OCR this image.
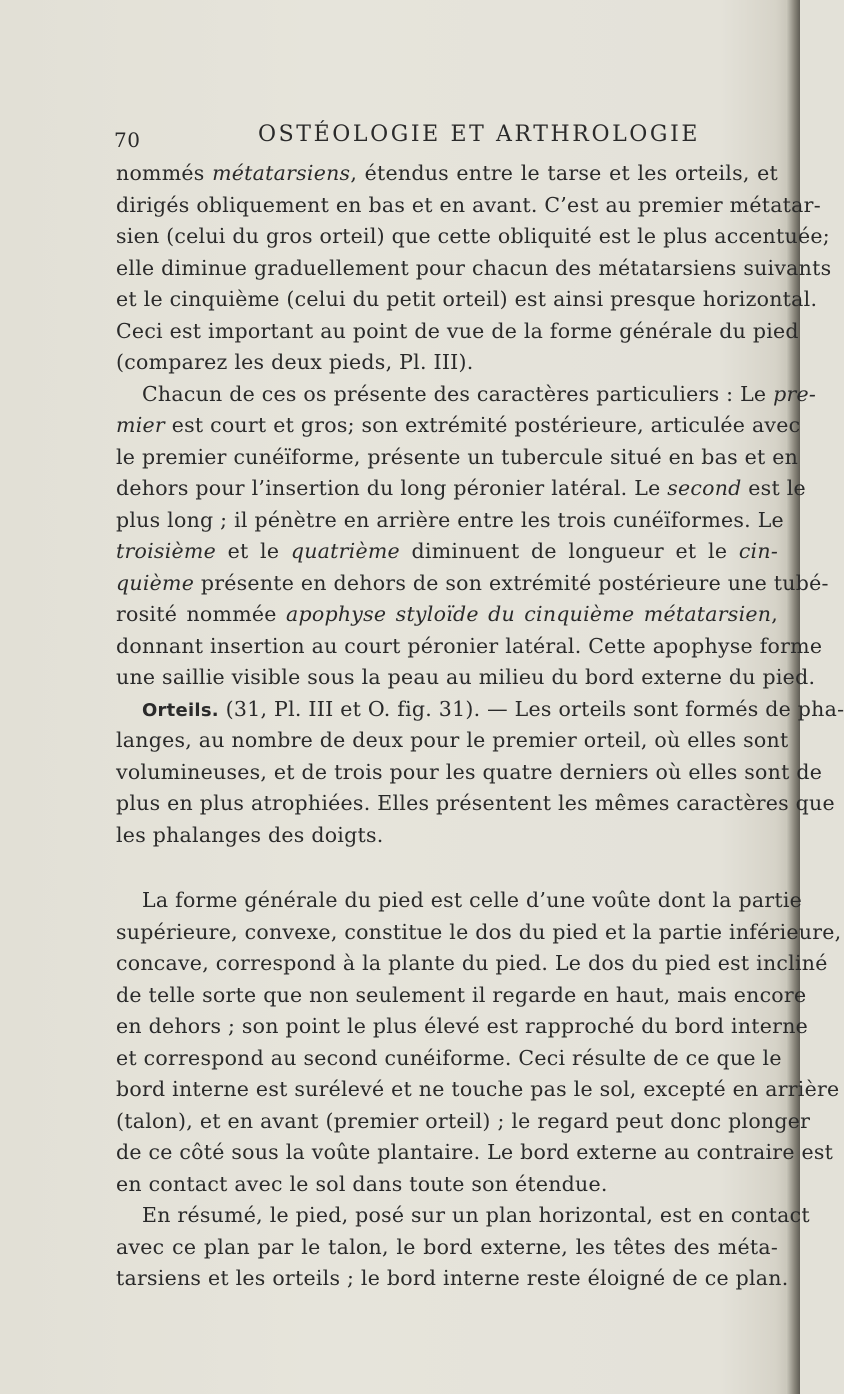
70	OSTÉOLOGIE ET ARTHROLOGIE
nommés métatarsiens, étendus entre le tarse et les orteils, et
dirigés obliquement en bas et en avant. C’est au premier métatar-
sien (celui du gros orteil) que cette obliquité est le plus accentuée;
elle diminue graduellement pour chacun des métatarsiens suivants
et le cinquième (celui du petit orteil) est ainsi presque horizontal.
Ceci est important au point de vue de la forme générale du pied
(comparez les deux pieds, Pl. III).
Chacun de ces os présente des caractères particuliers : Le pre-
mier est court et gros; son extrémité postérieure, articulée avec
le premier cunéïforme, présente un tubercule situé en bas et en
dehors pour l’insertion du long péronier latéral. Le second est le
plus long ; il pénètre en arrière entre les trois cunéïformes. Le
troisième et le quatrième diminuent de longueur et le cin-
quième présente en dehors de son extrémité postérieure une tubé-
rosité nommée apophyse styloïde du cinquième métatarsien,
donnant insertion au court péronier latéral. Cette apophyse forme
une saillie visible sous la peau au milieu du bord externe du pied.
Orteils. (31, Pl. III et O. fig. 31). — Les orteils sont formés de pha-
langes, au nombre de deux pour le premier orteil, où elles sont
volumineuses, et de trois pour les quatre derniers où elles sont de
plus en plus atrophiées. Elles présentent les mêmes caractères que
les phalanges des doigts.
La forme générale du pied est celle d’une voûte dont la partie
supérieure, convexe, constitue le dos du pied et la partie inférieure,
concave, correspond à la plante du pied. Le dos du pied est incliné
de telle sorte que non seulement il regarde en haut, mais encore
en dehors ; son point le plus élevé est rapproché du bord interne
et correspond au second cunéiforme. Ceci résulte de ce que le
bord interne est surélevé et ne touche pas le sol, excepté en arrière
(talon), et en avant (premier orteil) ; le regard peut donc plonger
de ce côté sous la voûte plantaire. Le bord externe au contraire est
en contact avec le sol dans toute son étendue.
En résumé, le pied, posé sur un plan horizontal, est en contact
avec ce plan par le talon, le bord externe, les têtes des méta-
tarsiens et les orteils ; le bord interne reste éloigné de ce plan.
